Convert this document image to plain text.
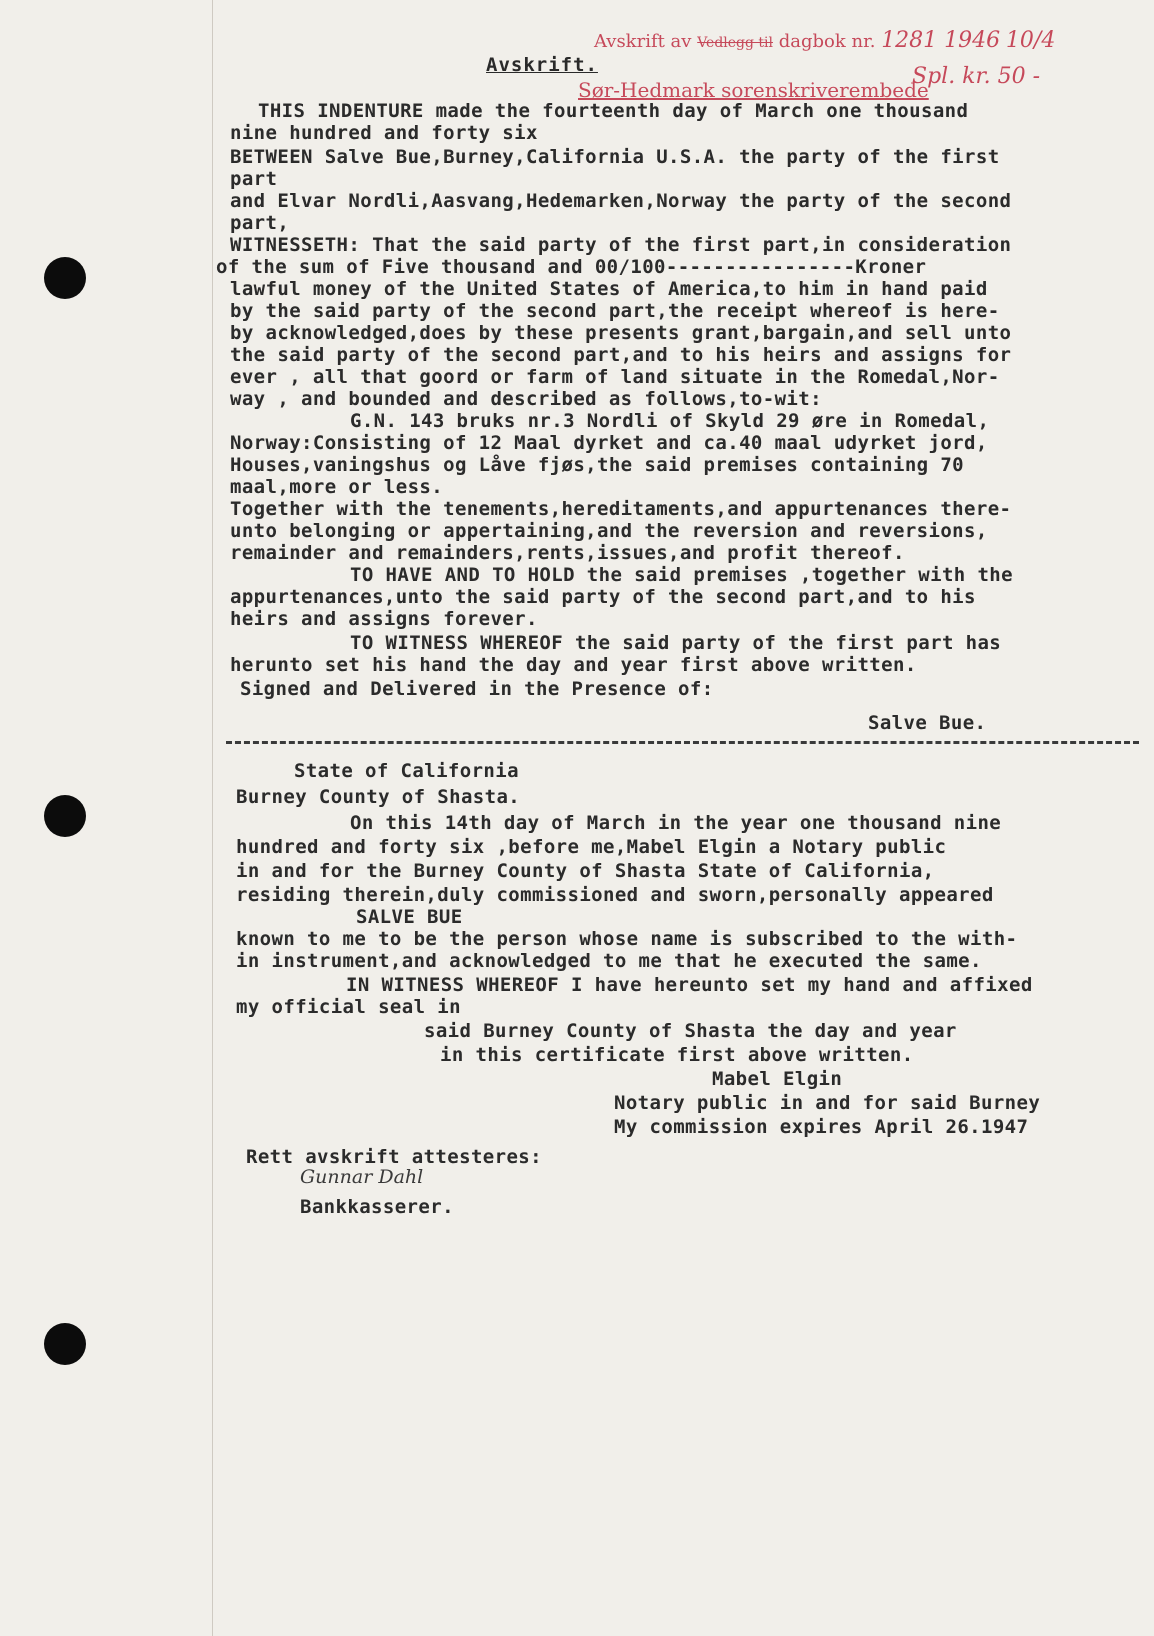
Avskrift av Vedlegg til dagbok nr. 1281 1946 10/4
Sør-Hedmark sorenskriverembede
Spl. kr. 50 -
Avskrift.
THIS INDENTURE made the fourteenth day of March one thousand
nine hundred and forty six
BETWEEN Salve Bue,Burney,California U.S.A. the party of the first
part
and Elvar Nordli,Aasvang,Hedemarken,Norway the party of the second
part,
WITNESSETH: That the said party of the first part,in consideration
of the sum of Five thousand and 00/100----------------Kroner
lawful money of the United States of America,to him in hand paid
by the said party of the second part,the receipt whereof is here-
by acknowledged,does by these presents grant,bargain,and sell unto
the said party of the second part,and to his heirs and assigns for
ever , all that goord or farm of land situate in the Romedal,Nor-
way , and bounded and described as follows,to-wit:
G.N. 143 bruks nr.3 Nordli of Skyld 29 øre in Romedal,
Norway:Consisting of 12 Maal dyrket and ca.40 maal udyrket jord,
Houses,vaningshus og Låve fjøs,the said premises containing 70
maal,more or less.
Together with the tenements,hereditaments,and appurtenances there-
unto belonging or appertaining,and the reversion and reversions,
remainder and remainders,rents,issues,and profit thereof.
TO HAVE AND TO HOLD the said premises ,together with the
appurtenances,unto the said party of the second part,and to his
heirs and assigns forever.
TO WITNESS WHEREOF the said party of the first part has
herunto set his hand the day and year first above written.
Signed and Delivered in the Presence of:
Salve Bue.
State of California
Burney County of Shasta.
On this 14th day of March in the year one thousand nine
hundred and forty six ,before me,Mabel Elgin a Notary public
in and for the Burney County of Shasta State of California,
residing therein,duly commissioned and sworn,personally appeared
SALVE BUE
known to me to be the person whose name is subscribed to the with-
in instrument,and acknowledged to me that he executed the same.
IN WITNESS WHEREOF I have hereunto set my hand and affixed
my official seal in
said Burney County of Shasta the day and year
in this certificate first above written.
Mabel Elgin
Notary public in and for said Burney
My commission expires April 26.1947
Rett avskrift attesteres:
Gunnar Dahl
Bankkasserer.
